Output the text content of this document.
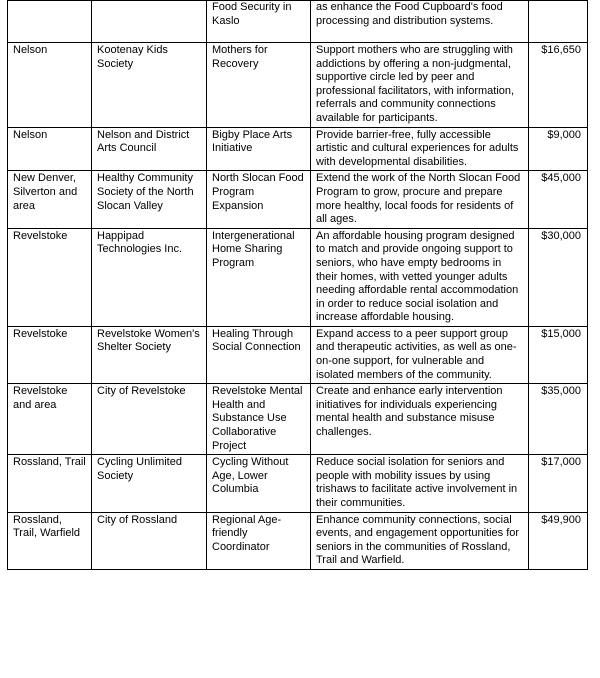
		Food Security in Kaslo	as enhance the Food Cupboard's food processing and distribution systems.	
Nelson	Kootenay Kids Society	Mothers for Recovery	Support mothers who are struggling with addictions by offering a non-judgmental, supportive circle led by peer and professional facilitators, with information, referrals and community connections available for participants.	$16,650
Nelson	Nelson and District Arts Council	Bigby Place Arts Initiative	Provide barrier-free, fully accessible artistic and cultural experiences for adults with developmental disabilities.	$9,000
New Denver, Silverton and area	Healthy Community Society of the North Slocan Valley	North Slocan Food Program Expansion	Extend the work of the North Slocan Food Program to grow, procure and prepare more healthy, local foods for residents of all ages.	$45,000
Revelstoke	Happipad Technologies Inc.	Intergenerational Home Sharing Program	An affordable housing program designed to match and provide ongoing support to seniors, who have empty bedrooms in their homes, with vetted younger adults needing affordable rental accommodation in order to reduce social isolation and increase affordable housing.	$30,000
Revelstoke	Revelstoke Women's Shelter Society	Healing Through Social Connection	Expand access to a peer support group and therapeutic activities, as well as one-on-one support, for vulnerable and isolated members of the community.	$15,000
Revelstoke and area	City of Revelstoke	Revelstoke Mental Health and Substance Use Collaborative Project	Create and enhance early intervention initiatives for individuals experiencing mental health and substance misuse challenges.	$35,000
Rossland, Trail	Cycling Unlimited Society	Cycling Without Age, Lower Columbia	Reduce social isolation for seniors and people with mobility issues by using trishaws to facilitate active involvement in their communities.	$17,000
Rossland, Trail, Warfield	City of Rossland	Regional Age-friendly Coordinator	Enhance community connections, social events, and engagement opportunities for seniors in the communities of Rossland, Trail and Warfield.	$49,900
